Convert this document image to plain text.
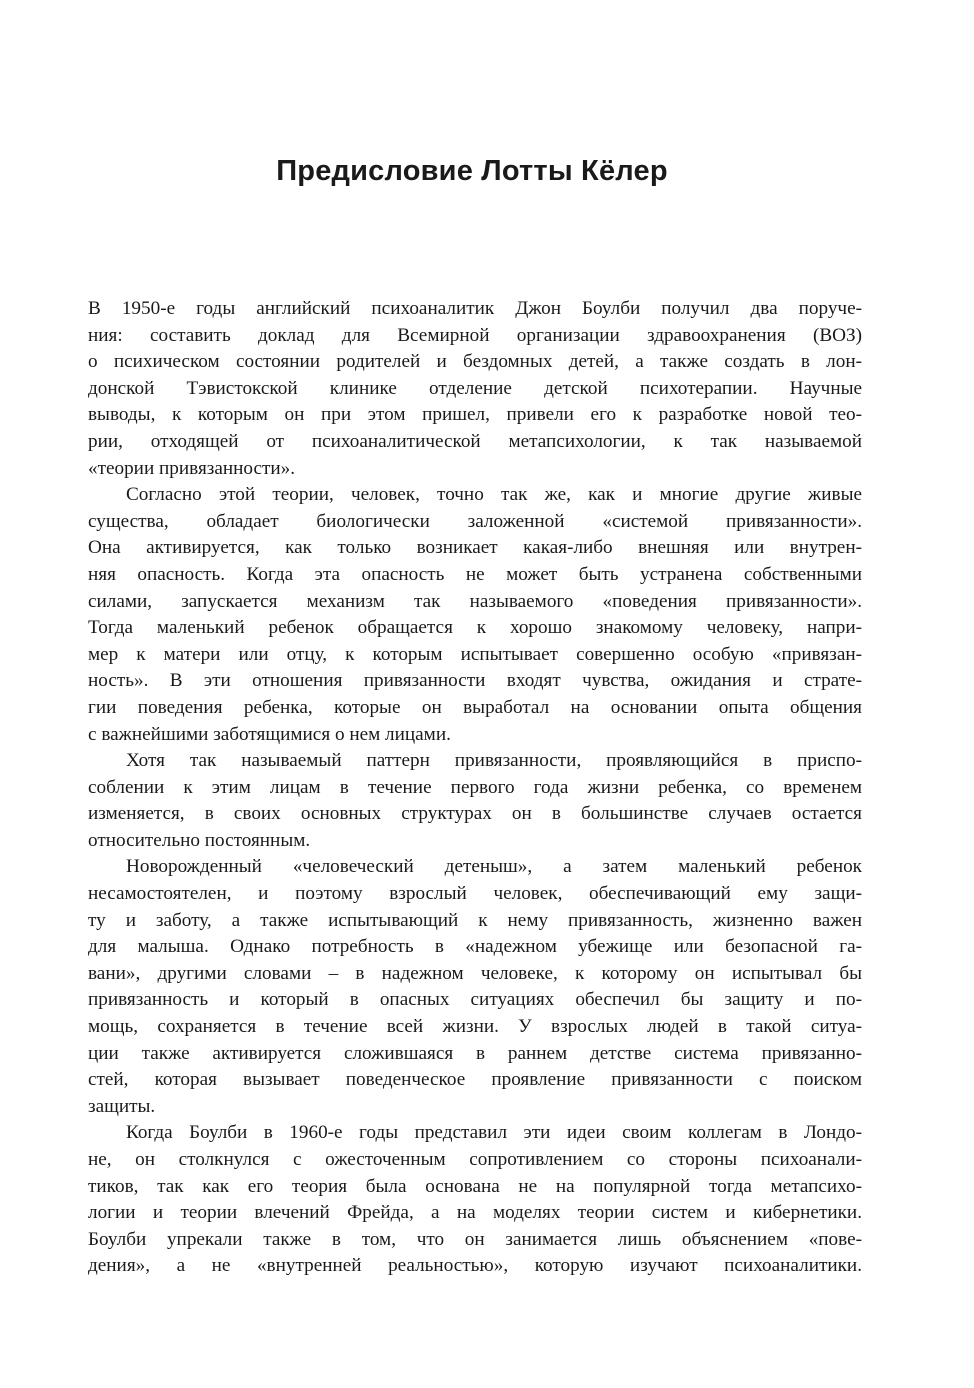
Предисловие Лотты Кёлер
В 1950-е годы английский психоаналитик Джон Боулби получил два поруче-
ния: составить доклад для Всемирной организации здравоохранения (ВОЗ)
о психическом состоянии родителей и бездомных детей, а также создать в лон-
донской Тэвистокской клинике отделение детской психотерапии. Научные
выводы, к которым он при этом пришел, привели его к разработке новой тео-
рии, отходящей от психоаналитической метапсихологии, к так называемой
«теории привязанности».
Согласно этой теории, человек, точно так же, как и многие другие живые
существа, обладает биологически заложенной «системой привязанности».
Она активируется, как только возникает какая-либо внешняя или внутрен-
няя опасность. Когда эта опасность не может быть устранена собственными
силами, запускается механизм так называемого «поведения привязанности».
Тогда маленький ребенок обращается к хорошо знакомому человеку, напри-
мер к матери или отцу, к которым испытывает совершенно особую «привязан-
ность». В эти отношения привязанности входят чувства, ожидания и страте-
гии поведения ребенка, которые он выработал на основании опыта общения
с важнейшими заботящимися о нем лицами.
Хотя так называемый паттерн привязанности, проявляющийся в приспо-
соблении к этим лицам в течение первого года жизни ребенка, со временем
изменяется, в своих основных структурах он в большинстве случаев остается
относительно постоянным.
Новорожденный «человеческий детеныш», а затем маленький ребенок
несамостоятелен, и поэтому взрослый человек, обеспечивающий ему защи-
ту и заботу, а также испытывающий к нему привязанность, жизненно важен
для малыша. Однако потребность в «надежном убежище или безопасной га-
вани», другими словами – в надежном человеке, к которому он испытывал бы
привязанность и который в опасных ситуациях обеспечил бы защиту и по-
мощь, сохраняется в течение всей жизни. У взрослых людей в такой ситуа-
ции также активируется сложившаяся в раннем детстве система привязанно-
стей, которая вызывает поведенческое проявление привязанности с поиском
защиты.
Когда Боулби в 1960-е годы представил эти идеи своим коллегам в Лондо-
не, он столкнулся с ожесточенным сопротивлением со стороны психоанали-
тиков, так как его теория была основана не на популярной тогда метапсихо-
логии и теории влечений Фрейда, а на моделях теории систем и кибернетики.
Боулби упрекали также в том, что он занимается лишь объяснением «пове-
дения», а не «внутренней реальностью», которую изучают психоаналитики.
